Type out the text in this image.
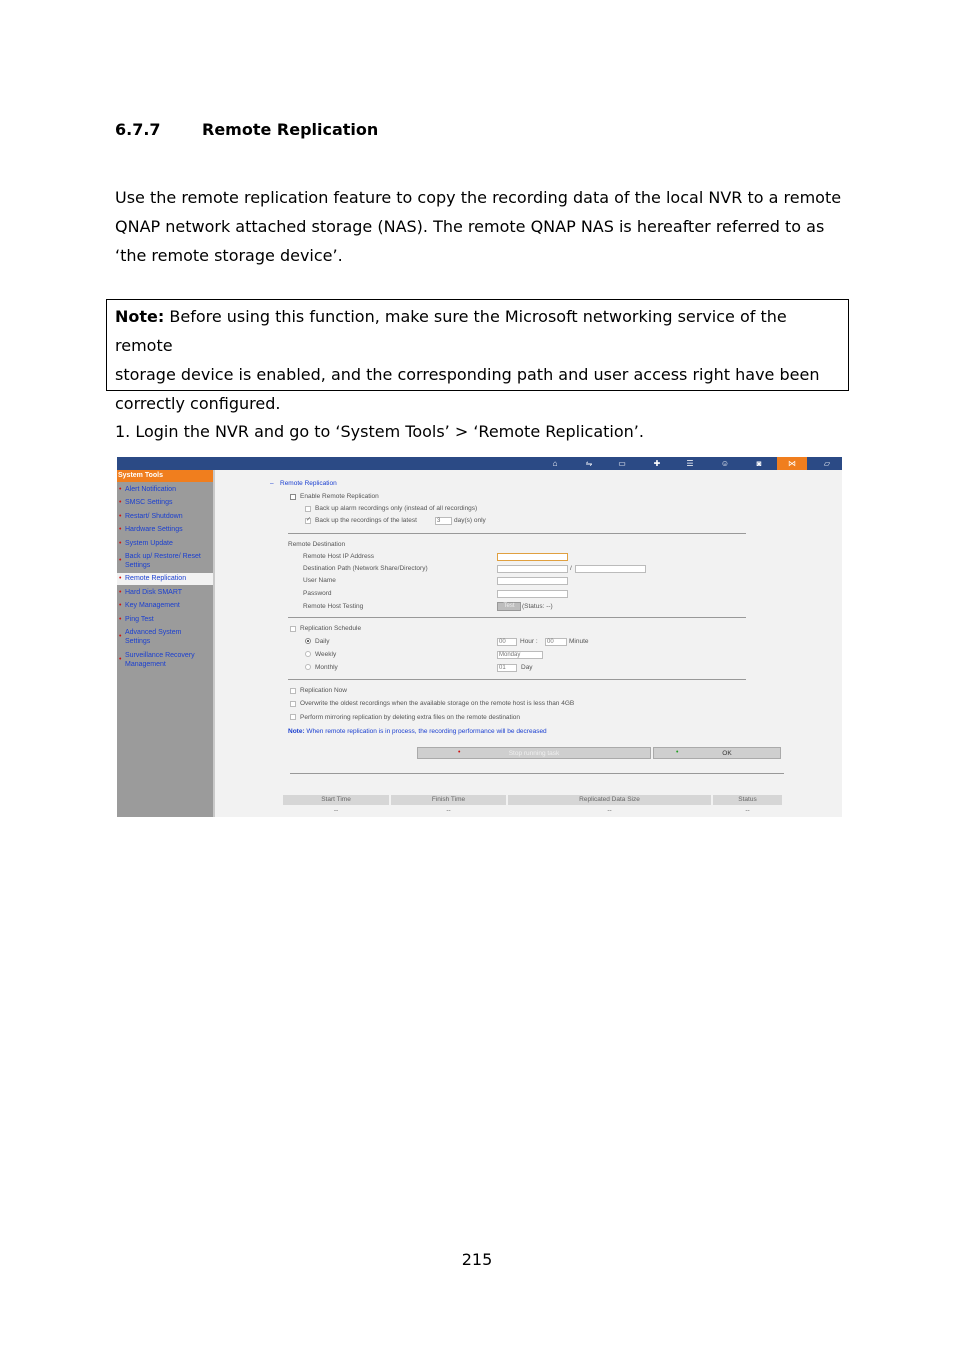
6.7.7	Remote Replication
Use the remote replication feature to copy the recording data of the local NVR to a remote
QNAP network attached storage (NAS). The remote QNAP NAS is hereafter referred to as
‘the remote storage device’.
Note: Before using this function, make sure the Microsoft networking service of the remote
storage device is enabled, and the corresponding path and user access right have been
correctly configured.
1. Login the NVR and go to ‘System Tools’ > ‘Remote Replication’.
⌂	⇋	▭	✚	☰	☺	◙	⋈	▱
System Tools
• Alert Notification
• SMSC Settings
• Restart/ Shutdown
• Hardware Settings
• System Update
•
Back up/ Restore/ Reset
Settings
• Remote Replication
• Hard Disk SMART
• Key Management
• Ping Test
•
Advanced System
Settings
•
Surveillance Recovery
Management
– Remote Replication
Enable Remote Replication
Back up alarm recordings only (instead of all recordings)
✓ Back up the recordings of the latest	3	day(s) only
Remote Destination
Remote Host IP Address
Destination Path (Network Share/Directory)	/
User Name
Password
Remote Host Testing	Test	(Status: --)
Replication Schedule
Daily	00	Hour :	00	Minute
Weekly	Monday
Monthly	01	Day
Replication Now
Overwrite the oldest recordings when the available storage on the remote host is less than 4GB
Perform mirroring replication by deleting extra files on the remote destination
Note: When remote replication is in process, the recording performance will be decreased
•	Stop running task	•	OK
Start Time	Finish Time	Replicated Data Size	Status
--	--	--	--
215
